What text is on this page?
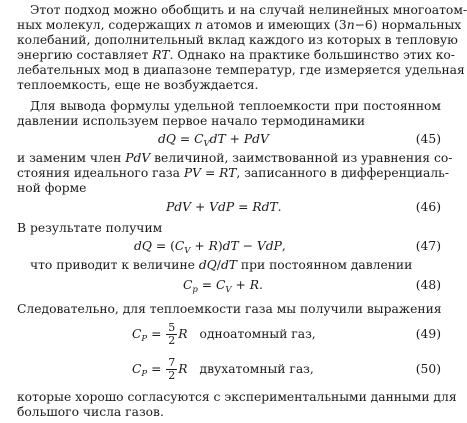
Этот подход можно обобщить и на случай нелинейных многоатом-
ных молекул, содержащих n атомов и имеющих (3n−6) нормальных
колебаний, дополнительный вклад каждого из которых в тепловую
энергию составляет RT. Однако на практике большинство этих ко-
лебательных мод в диапазоне температур, где измеряется удельная
теплоемкость, еще не возбуждается.
Для вывода формулы удельной теплоемкости при постоянном
давлении используем первое начало термодинамики
dQ = $C_VdT$ + PdV	(45)
и заменим член PdV величиной, заимствованной из уравнения со-
стояния идеального газа PV = RT, записанного в дифференциаль-
ной форме
PdV + VdP = RdT.	(46)
В результате получим
dQ = $(C_V + R)dT$ − VdP,	(47)
что приводит к величине dQ/dT при постоянном давлении
$C_p = C_V + R$.	(48)
Следовательно, для теплоемкости газа мы получили выражения
$C_P = \frac{5}{2}$ R одноатомный газ,	(49)
$C_P = \frac{7}{2}$ R двухатомный газ,	(50)
которые хорошо согласуются с экспериментальными данными для
большого числа газов.
